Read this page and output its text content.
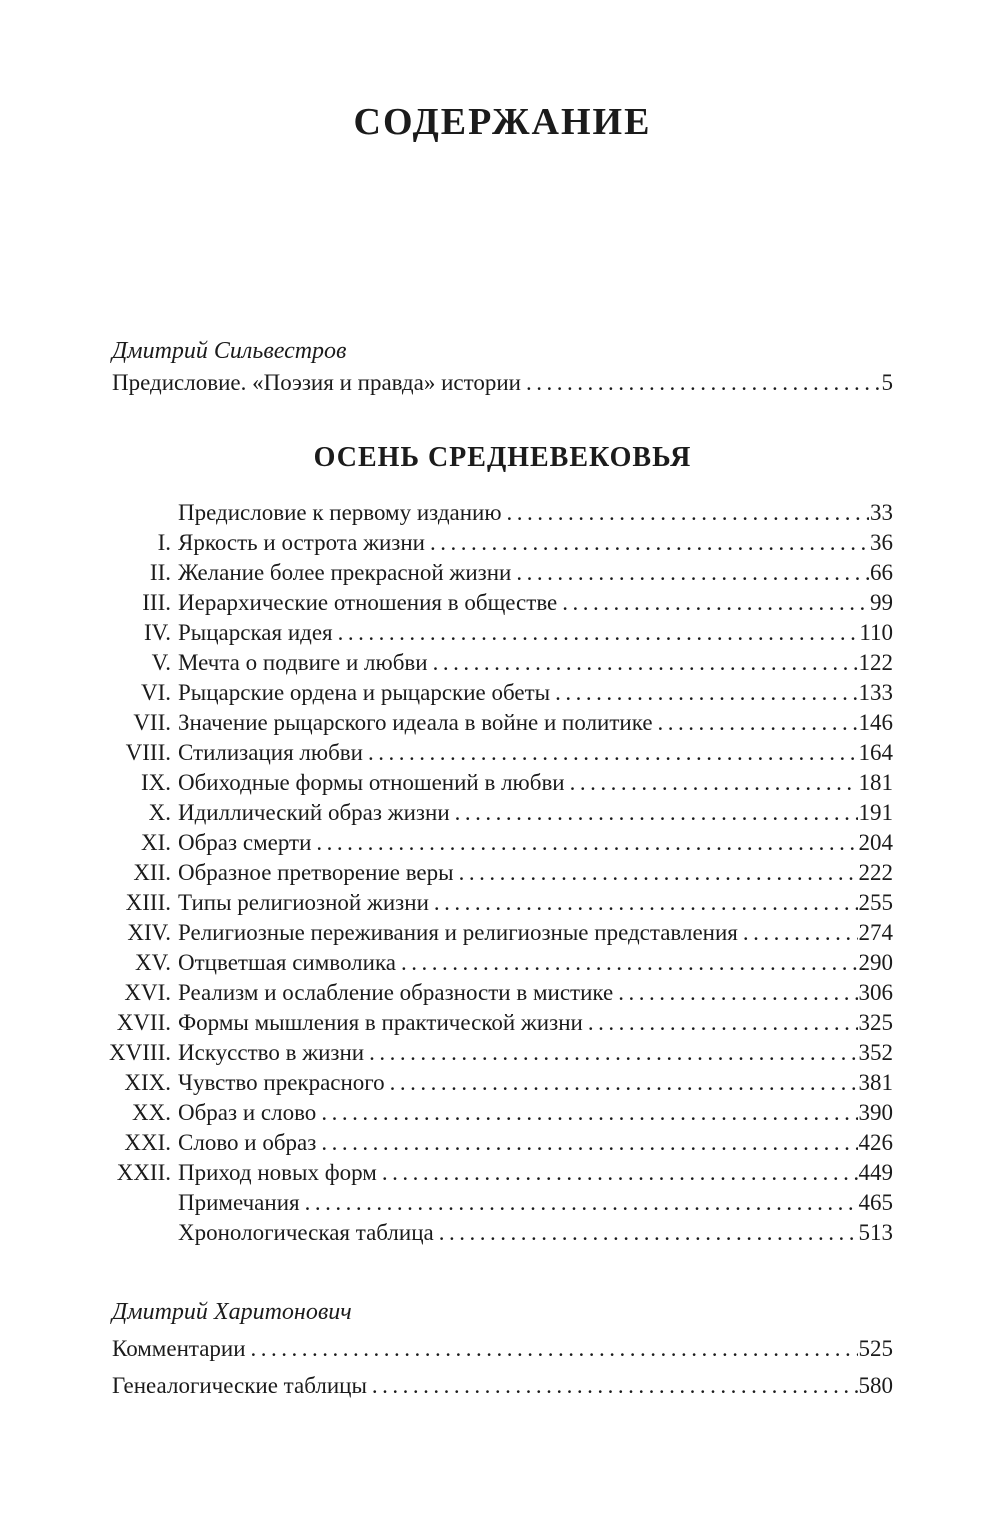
СОДЕРЖАНИЕ
Дмитрий Сильвестров
Предисловие. «Поэзия и правда» истории .....	5
ОСЕНЬ СРЕДНЕВЕКОВЬЯ
Предисловие к первому изданию .....	33
I. Яркость и острота жизни .....	36
II. Желание более прекрасной жизни .....	66
III. Иерархические отношения в обществе .....	99
IV. Рыцарская идея .....	110
V. Мечта о подвиге и любви .....	122
VI. Рыцарские ордена и рыцарские обеты .....	133
VII. Значение рыцарского идеала в войне и политике .....	146
VIII. Стилизация любви .....	164
IX. Обиходные формы отношений в любви .....	181
X. Идиллический образ жизни .....	191
XI. Образ смерти .....	204
XII. Образное претворение веры .....	222
XIII. Типы религиозной жизни .....	255
XIV. Религиозные переживания и религиозные представления .....	274
XV. Отцветшая символика .....	290
XVI. Реализм и ослабление образности в мистике .....	306
XVII. Формы мышления в практической жизни .....	325
XVIII. Искусство в жизни .....	352
XIX. Чувство прекрасного .....	381
XX. Образ и слово .....	390
XXI. Слово и образ .....	426
XXII. Приход новых форм .....	449
Примечания .....	465
Хронологическая таблица .....	513
Дмитрий Харитонович
Комментарии .....	525
Генеалогические таблицы .....	580
